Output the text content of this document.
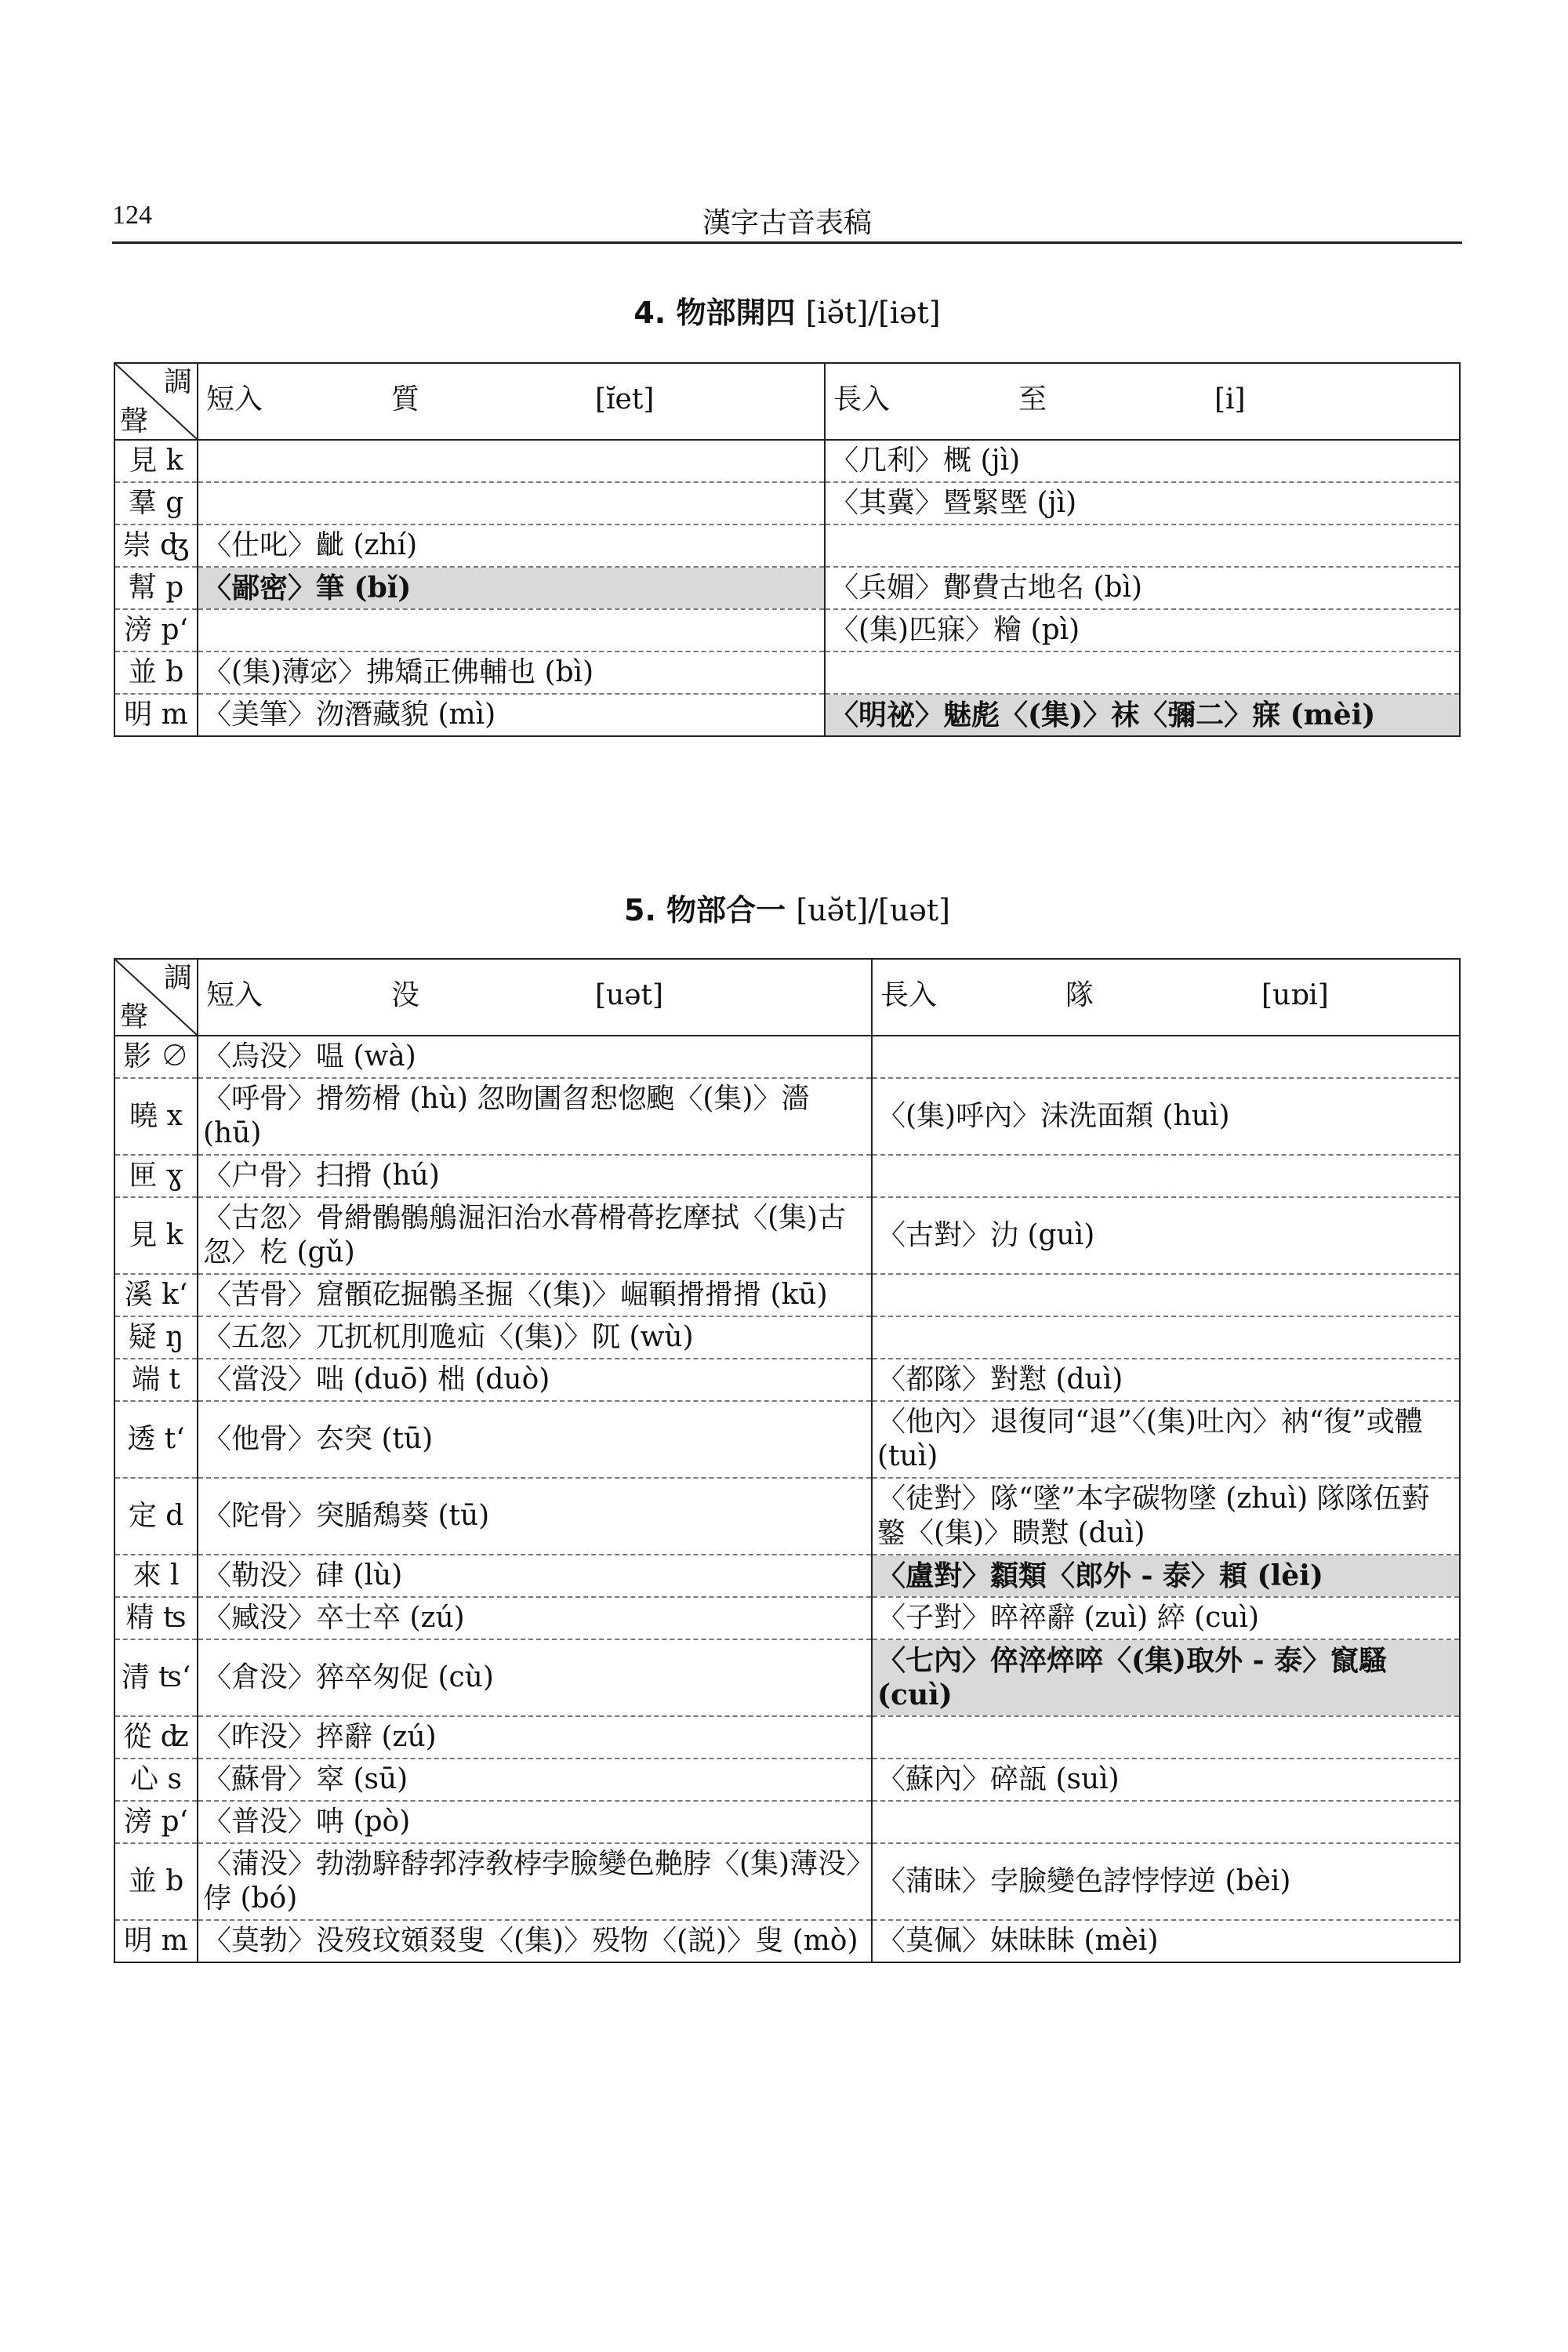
124	漢字古音表稿
4. 物部開四 [iə̆t]/[iət]
調
聲	短入 質 [ɪ̆et]	長入 至 [i]

見 k		〈几利〉概 (jì)
羣 g		〈其冀〉暨緊塈 (jì)
崇 ʤ	〈仕叱〉齜 (zhí)	
幫 p	〈鄙密〉筆 (bǐ)	〈兵媚〉鄪費古地名 (bì)
滂 pʻ		〈(集)匹寐〉糩 (pì)
並 b	〈(集)薄宓〉拂矯正佛輔也 (bì)	
明 m	〈美筆〉沕潛藏貌 (mì)	〈明祕〉魅彪〈(集)〉袜〈彌二〉寐 (mèi)
5. 物部合一 [uə̆t]/[uət]
調
聲	短入 没 [uət]	長入 隊 [uɒi]

影 ∅	〈烏没〉嗢 (wà)	
曉 x	〈呼骨〉搰笏榾 (hù) 忽昒圕曶惒惚颮〈(集)〉濇 (hū)	〈(集)呼內〉沬洗面頮 (huì)
匣 ɣ	〈户骨〉扫搰 (hú)	
見 k	〈古忽〉骨縎鶻鶻鵃淈汩治水蓇榾蓇扢摩拭〈(集)古忽〉杚 (gǔ)	〈古對〉氻 (guì)
溪 kʻ	〈苦骨〉窟顝矻掘鶻圣掘〈(集)〉崛顐搰搰搰 (kū)	
疑 ŋ	〈五忽〉兀扤杌刖卼疝〈(集)〉阢 (wù)	
端 t	〈當没〉咄 (duō) 柮 (duò)	〈都隊〉對懟 (duì)
透 tʻ	〈他骨〉厺突 (tū)	〈他內〉退復同“退”〈(集)吐內〉衲“復”或體 (tuì)
定 d	〈陀骨〉突腯鵚葵 (tū)	〈徒對〉隊“墜”本字碳物墜 (zhuì) 隊隊伍薱鐜〈(集)〉瞆懟 (duì)
來 l	〈勒没〉硉 (lù)	〈盧對〉纇類〈郎外 - 泰〉頛 (lèi)
精 ʦ	〈臧没〉卒士卒 (zú)	〈子對〉晬祽辭 (zuì) 綷 (cuì)
清 ʦʻ	〈倉没〉猝卒匆促 (cù)	〈七內〉倅淬焠啐〈(集)取外 - 泰〉竄騷 (cuì)
從 ʣ	〈昨没〉捽辭 (zú)	
心 s	〈蘇骨〉窣 (sū)	〈蘇內〉碎瓿 (suì)
滂 pʻ	〈普没〉呥 (pò)	
並 b	〈蒲没〉勃渤騂馞郣浡敎桲孛臉變色艴脖〈(集)薄没〉侼 (bó)	〈蒲昧〉孛臉變色誖悖悖逆 (bèi)
明 m	〈莫勃〉没歿玟頞叕叟〈(集)〉殁物〈(説)〉叟 (mò)	〈莫佩〉妹昧眛 (mèi)
